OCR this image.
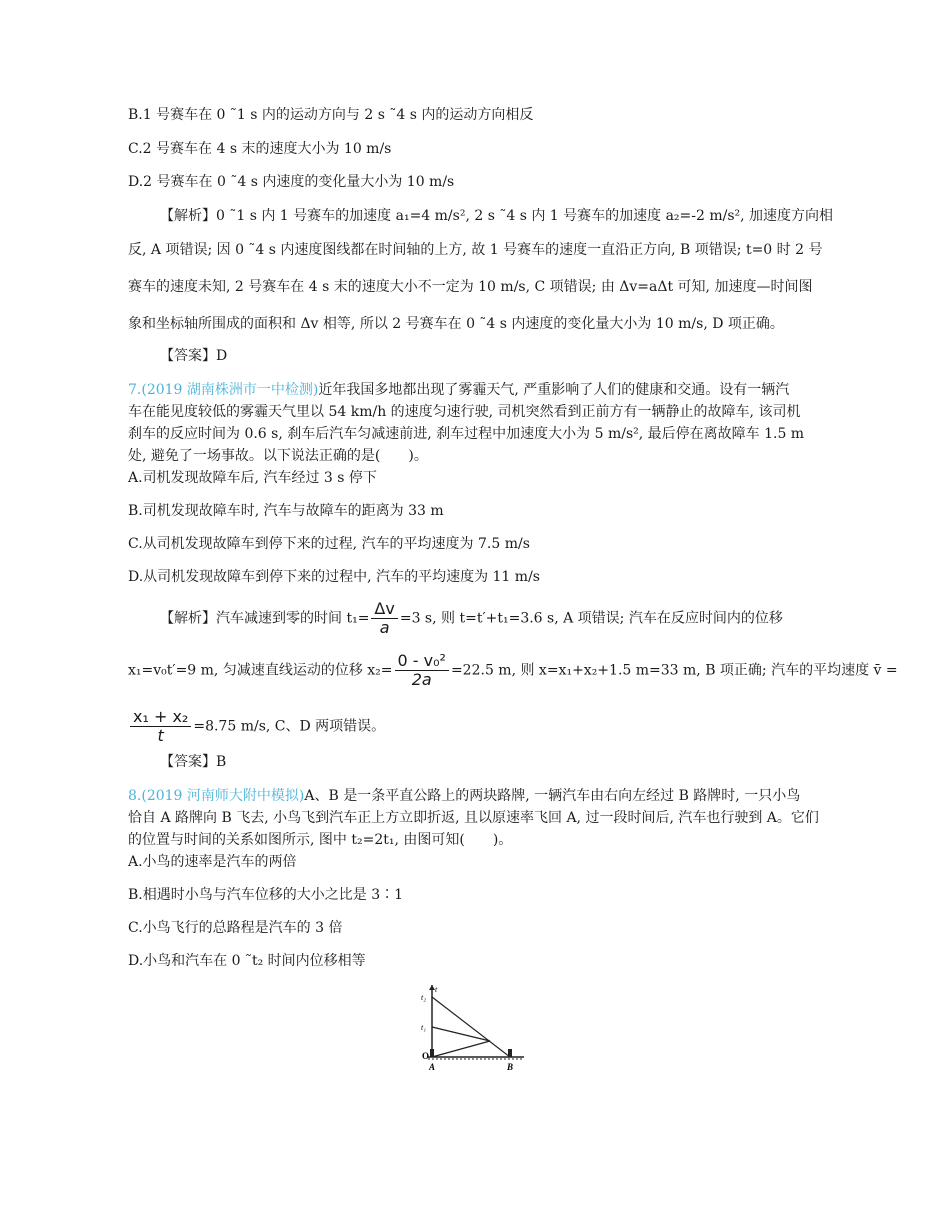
B.1 号赛车在 0 ˜1 s 内的运动方向与 2 s ˜4 s 内的运动方向相反
C.2 号赛车在 4 s 末的速度大小为 10 m/s
D.2 号赛车在 0 ˜4 s 内速度的变化量大小为 10 m/s
【解析】0 ˜1 s 内 1 号赛车的加速度 a₁=4 m/s², 2 s ˜4 s 内 1 号赛车的加速度 a₂=-2 m/s², 加速度方向相
反, A 项错误; 因 0 ˜4 s 内速度图线都在时间轴的上方, 故 1 号赛车的速度一直沿正方向, B 项错误; t=0 时 2 号
赛车的速度未知, 2 号赛车在 4 s 末的速度大小不一定为 10 m/s, C 项错误; 由 Δv=aΔt 可知, 加速度—时间图
象和坐标轴所围成的面积和 Δv 相等, 所以 2 号赛车在 0 ˜4 s 内速度的变化量大小为 10 m/s, D 项正确。
【答案】D
7.(2019 湖南株洲市一中检测)近年我国多地都出现了雾霾天气, 严重影响了人们的健康和交通。设有一辆汽
车在能见度较低的雾霾天气里以 54 km/h 的速度匀速行驶, 司机突然看到正前方有一辆静止的故障车, 该司机
刹车的反应时间为 0.6 s, 刹车后汽车匀减速前进, 刹车过程中加速度大小为 5 m/s², 最后停在离故障车 1.5 m
处, 避免了一场事故。以下说法正确的是(　　)。
A.司机发现故障车后, 汽车经过 3 s 停下
B.司机发现故障车时, 汽车与故障车的距离为 33 m
C.从司机发现故障车到停下来的过程, 汽车的平均速度为 7.5 m/s
D.从司机发现故障车到停下来的过程中, 汽车的平均速度为 11 m/s
【解析】汽车减速到零的时间 $t_1= \frac{\Delta v}{a} =3$ s, 则 t=t′+t₁=3.6 s, A 项错误; 汽车在反应时间内的位移
x₁=v₀t′=9 m, 匀减速直线运动的位移 $x_2= \frac{\text{0 - v₀²}}{2a} =22.5$ m, 则 x=x₁+x₂+1.5 m=33 m, B 项正确; 汽车的平均速度 v̄ =
$\frac{\text{x₁ + x₂}}{t} =8.75$ m/s, C、D 两项错误。
【答案】B
8.(2019 河南师大附中模拟)A、B 是一条平直公路上的两块路牌, 一辆汽车由右向左经过 B 路牌时, 一只小鸟
恰自 A 路牌向 B 飞去, 小鸟飞到汽车正上方立即折返, 且以原速率飞回 A, 过一段时间后, 汽车也行驶到 A。它们
的位置与时间的关系如图所示, 图中 t₂=2t₁, 由图可知(　　)。
A.小鸟的速率是汽车的两倍
B.相遇时小鸟与汽车位移的大小之比是 3∶1
C.小鸟飞行的总路程是汽车的 3 倍
D.小鸟和汽车在 0 ˜t₂ 时间内位移相等
t₂
t
t₁
O
A	B
